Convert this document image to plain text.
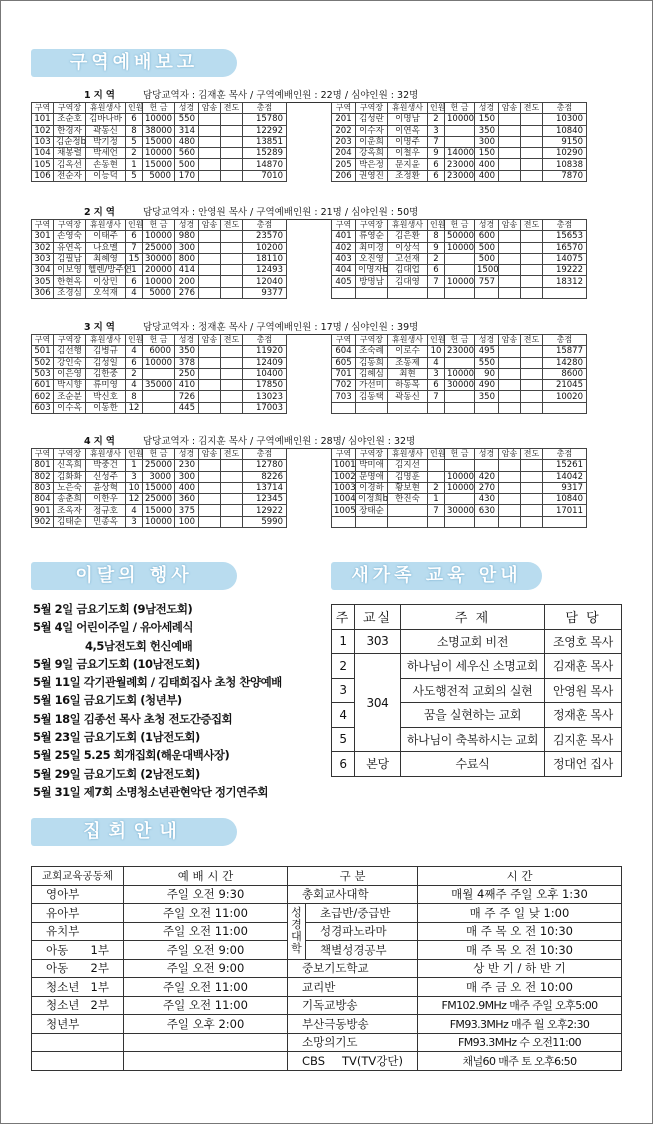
구역예배보고
1지역	담당교역자 : 김재훈 목사 / 구역예배인원 : 22명 / 심야인원 : 32명
구역	구역장	휴원생사	인원	헌 금	성경	암송	전도	총점
101	조순호	김바나바	6	10000	550			15780
102	한경자	곽동신	8	38000	314			12292
103	김순정b	박기정	5	15000	480			13851
104	채봉렬	박세언	2	10000	560			15289
105	김옥선	손동현	1	15000	500			14870
106	전순자	이능덕	5	5000	170			7010
구역	구역장	휴원생사	인원	헌 금	성경	암송	전도	총점
201	김성란	이명남	2	10000	150			10300
202	이수자	이연옥	3		350			10840
203	이운희	이명주	7		300			9150
204	강옥희	이철우	9	14000	150			10290
205	박은정	문지윤	6	23000	400			10838
206	권영진	조정환	6	23000	400			7870
2지역	담당교역자 : 안영원 목사 / 구역예배인원 : 21명 / 심야인원 : 50명
구역	구역장	휴원생사	인원	헌 금	성경	암송	전도	총점
301	손영숙	이태주	6	10000	980			23570
302	유연옥	나요멜	7	25000	300			10200
303	김필남	최혜영	15	30000	800			18110
304	이보영	헬렌/방주연	1	20000	414			12493
305	한현옥	이상민	6	10000	200			12040
306	조경심	오석재	4	5000	276			9377
구역	구역장	휴원생사	인원	헌 금	성경	암송	전도	총점
401	류영순	김은환	8	50000	600			15653
402	최미경	이상석	9	10000	500			16570
403	오진영	고선재	2		500			14075
404	이명자b	김대업	6		1500			19222
405	방명남	김대영	7	10000	757			18312

3지역	담당교역자 : 정재훈 목사 / 구역예배인원 : 17명 / 심야인원 : 39명
구역	구역장	휴원생사	인원	헌 금	성경	암송	전도	총점
501	김선행	김병규	4	6000	350			11920
502	강인숙	김성일	6	10000	378			12409
503	이은영	김한중	2		250			10400
601	박시향	류미영	4	35000	410			17850
602	조순분	박신호	8		726			13023
603	이수옥	이동한	12		445			17003
구역	구역장	휴원생사	인원	헌 금	성경	암송	전도	총점
604	조숙례	이로수	10	23000	495			15877
605	김동희	조동제	4		550			14280
701	김혜심	최현	3	10000	90			8600
702	가선미	하동목	6	30000	490			21045
703	김동택	곽동신	7		350			10020

4지역	담당교역자 : 김지훈 목사 / 구역예배인원 : 28명/ 심야인원 : 32명
구역	구역장	휴원생사	인원	헌 금	성경	암송	전도	총점
801	신옥희	박중건	1	25000	230			12780
802	김화화	신성주	3	3000	300			8226
803	노은숙	윤상혁	10	15000	400			13714
804	송춘희	이한우	12	25000	360			12345
901	조옥자	정규호	4	15000	375			12922
902	김태순	민종옥	3	10000	100			5990
구역	구역장	휴원생사	인원	헌 금	성경	암송	전도	총점
1001	박미애	김지선						15261
1002	문명애	김명훈		10000	420			14042
1003	이경하	황보현	2	10000	270			9317
1004	이정희b	한진숙	1		430			10840
1005	장태순		7	30000	630			17011

이달의 행사
5월 2일 금요기도회 (9남전도회)
5월 4일 어린이주일 / 유아세례식
4,5남전도회 헌신예배
5월 9일 금요기도회 (10남전도회)
5월 11일 각기관월례회 / 김태희집사 초청 찬양예배
5월 16일 금요기도회 (청년부)
5월 18일 김종선 목사 초청 전도간증집회
5월 23일 금요기도회 (1남전도회)
5월 25일 5.25 회개집회(해운대백사장)
5월 29일 금요기도회 (2남전도회)
5월 31일 제7회 소명청소년관현악단 정기연주회
새가족 교육 안내
주	교실	주 제	담 당
1	303	소명교회 비전	조영호 목사
2	304	하나님이 세우신 소명교회	김재훈 목사
3		사도행전적 교회의 실현	안영원 목사
4		꿈을 실현하는 교회	정재훈 목사
5		하나님이 축복하시는 교회	김지훈 목사
6	본당	수료식	정대언 집사
집회안내
교회교육공동체	예 배 시 간	구 분		시 간
영아부	주일 오전 9:30	총회교사대학		매월 4째주 주일 오후 1:30
유아부	주일 오전 11:00	성경대학	초급반/중급반	매 주 주 일 낮 1:00
유치부	주일 오전 11:00		성경파노라마	매 주 목 오 전 10:30
아동 1부	주일 오전 9:00		책별성경공부	매 주 목 오 전 10:30
아동 2부	주일 오전 9:00	중보기도학교		상 반 기 / 하 반 기
청소년 1부	주일 오전 11:00	교리반		매 주 금 오 전 10:00
청소년 2부	주일 오전 11:00	기독교방송		FM102.9MHz 매주 주일 오후5:00
청년부	주일 오후 2:00	부산극동방송		FM93.3MHz 매주 월 오후2:30
		소망의기도		FM93.3MHz 수 오전11:00
		CBS TV(TV강단)		채널60 매주 토 오후6:50
